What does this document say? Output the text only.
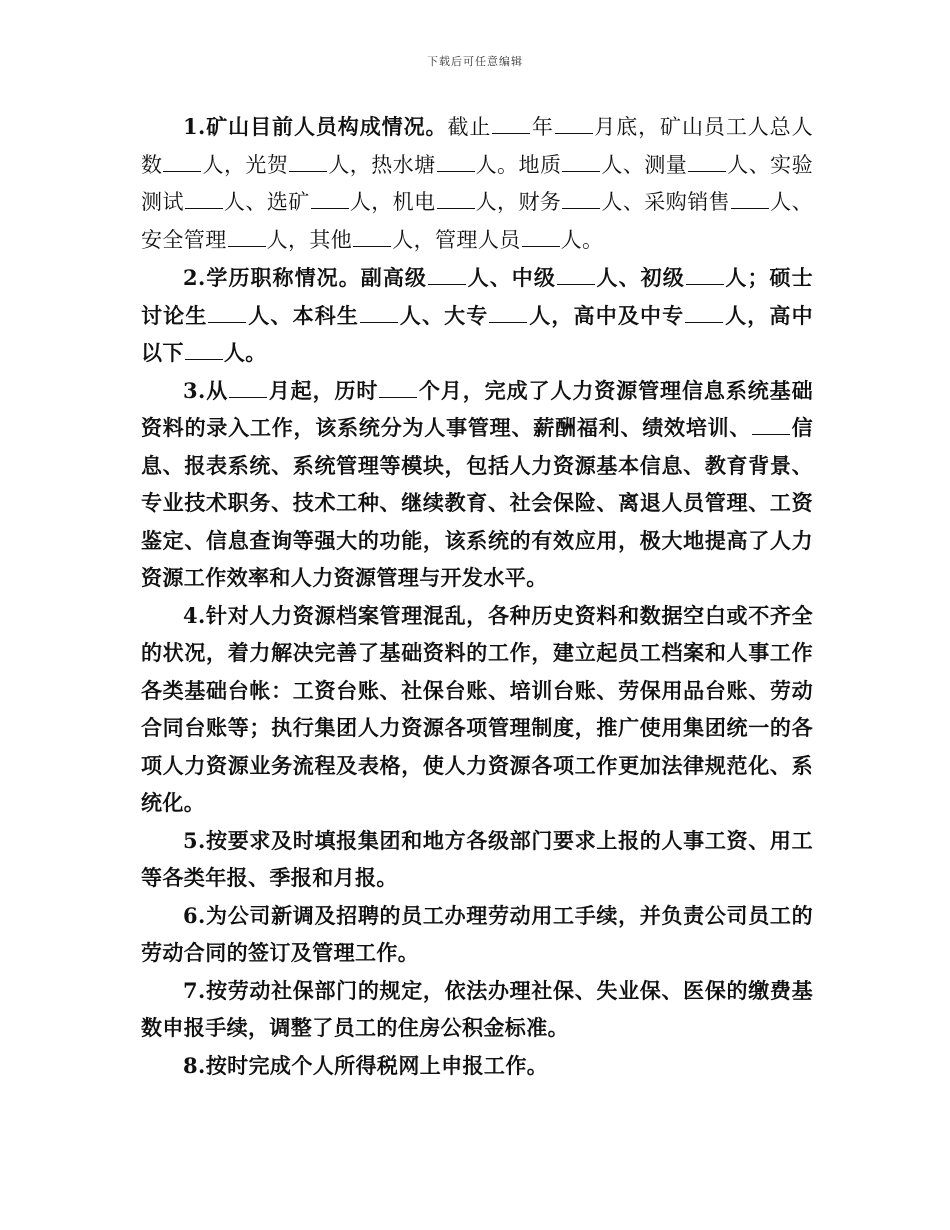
下载后可任意编辑

1.矿山目前人员构成情况。截止 年 月底，矿山员工人总人数 人，光贺 人，热水塘 人。地质 人、测量 人、实验测试 人、选矿 人，机电 人，财务 人、采购销售 人、安全管理 人，其他 人，管理人员 人。

2.学历职称情况。副高级 人、中级 人、初级 人；硕士讨论生 人、本科生 人、大专 人，高中及中专 人，高中以下 人。

3.从 月起，历时 个月，完成了人力资源管理信息系统基础资料的录入工作，该系统分为人事管理、薪酬福利、绩效培训、 信息、报表系统、系统管理等模块，包括人力资源基本信息、教育背景、专业技术职务、技术工种、继续教育、社会保险、离退人员管理、工资鉴定、信息查询等强大的功能，该系统的有效应用，极大地提高了人力资源工作效率和人力资源管理与开发水平。

4.针对人力资源档案管理混乱，各种历史资料和数据空白或不齐全的状况，着力解决完善了基础资料的工作，建立起员工档案和人事工作各类基础台帐：工资台账、社保台账、培训台账、劳保用品台账、劳动合同台账等；执行集团人力资源各项管理制度，推广使用集团统一的各项人力资源业务流程及表格，使人力资源各项工作更加法律规范化、系统化。

5.按要求及时填报集团和地方各级部门要求上报的人事工资、用工等各类年报、季报和月报。

6.为公司新调及招聘的员工办理劳动用工手续，并负责公司员工的劳动合同的签订及管理工作。

7.按劳动社保部门的规定，依法办理社保、失业保、医保的缴费基数申报手续，调整了员工的住房公积金标准。

8.按时完成个人所得税网上申报工作。
